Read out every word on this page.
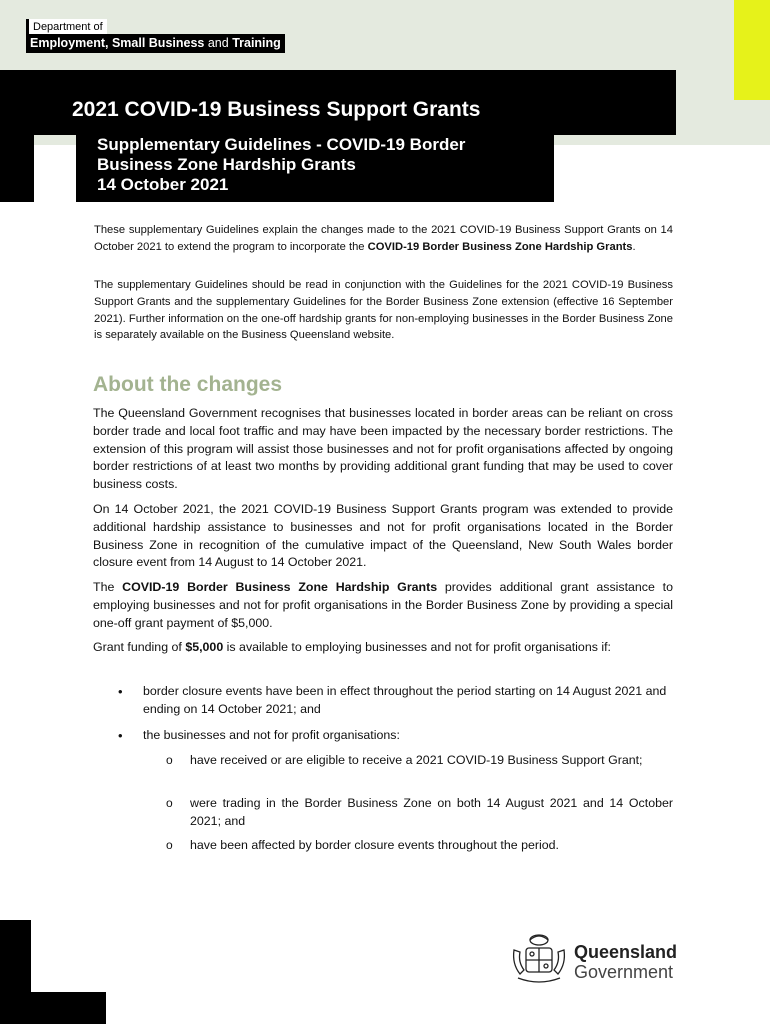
Department of
Employment, Small Business and Training
2021 COVID-19 Business Support Grants
Supplementary Guidelines - COVID-19 Border
Business Zone Hardship Grants
14 October 2021

These supplementary Guidelines explain the changes made to the 2021 COVID-19 Business Support Grants on 14 October 2021 to extend the program to incorporate the COVID-19 Border Business Zone Hardship Grants.

The supplementary Guidelines should be read in conjunction with the Guidelines for the 2021 COVID-19 Business Support Grants and the supplementary Guidelines for the Border Business Zone extension (effective 16 September 2021). Further information on the one-off hardship grants for non-employing businesses in the Border Business Zone is separately available on the Business Queensland website.

About the changes

The Queensland Government recognises that businesses located in border areas can be reliant on cross border trade and local foot traffic and may have been impacted by the necessary border restrictions. The extension of this program will assist those businesses and not for profit organisations affected by ongoing border restrictions of at least two months by providing additional grant funding that may be used to cover business costs.

On 14 October 2021, the 2021 COVID-19 Business Support Grants program was extended to provide additional hardship assistance to businesses and not for profit organisations located in the Border Business Zone in recognition of the cumulative impact of the Queensland, New South Wales border closure event from 14 August to 14 October 2021.

The COVID-19 Border Business Zone Hardship Grants provides additional grant assistance to employing businesses and not for profit organisations in the Border Business Zone by providing a special one-off grant payment of $5,000.

Grant funding of $5,000 is available to employing businesses and not for profit organisations if:

• border closure events have been in effect throughout the period starting on 14 August 2021 and ending on 14 October 2021; and

• the businesses and not for profit organisations:

o have received or are eligible to receive a 2021 COVID-19 Business Support Grant;

o were trading in the Border Business Zone on both 14 August 2021 and 14 October 2021; and

o have been affected by border closure events throughout the period.

Queensland
Government
